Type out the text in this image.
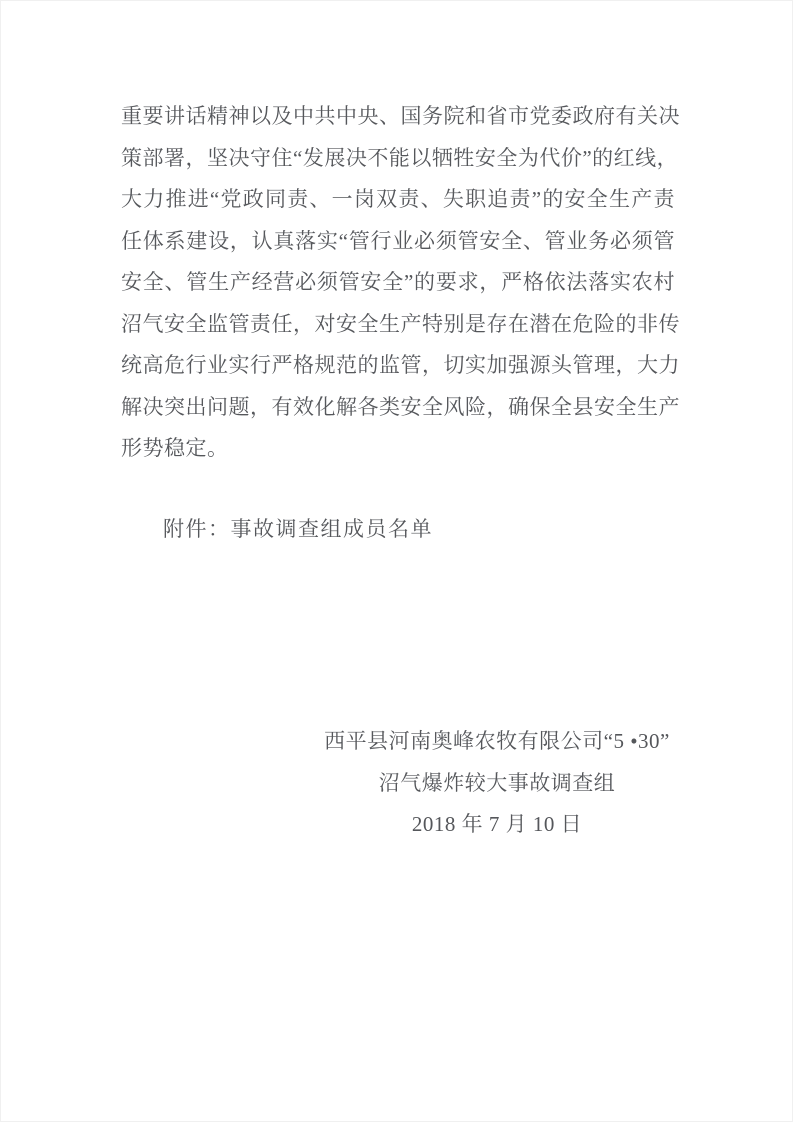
重要讲话精神以及中共中央、国务院和省市党委政府有关决
策部署，坚决守住“发展决不能以牺牲安全为代价”的红线，
大力推进“党政同责、一岗双责、失职追责”的安全生产责
任体系建设，认真落实“管行业必须管安全、管业务必须管
安全、管生产经营必须管安全”的要求，严格依法落实农村
沼气安全监管责任，对安全生产特别是存在潜在危险的非传
统高危行业实行严格规范的监管，切实加强源头管理，大力
解决突出问题，有效化解各类安全风险，确保全县安全生产
形势稳定。
附件：事故调查组成员名单
西平县河南奥峰农牧有限公司“5 •30”
沼气爆炸较大事故调查组
2018 年 7 月 10 日
